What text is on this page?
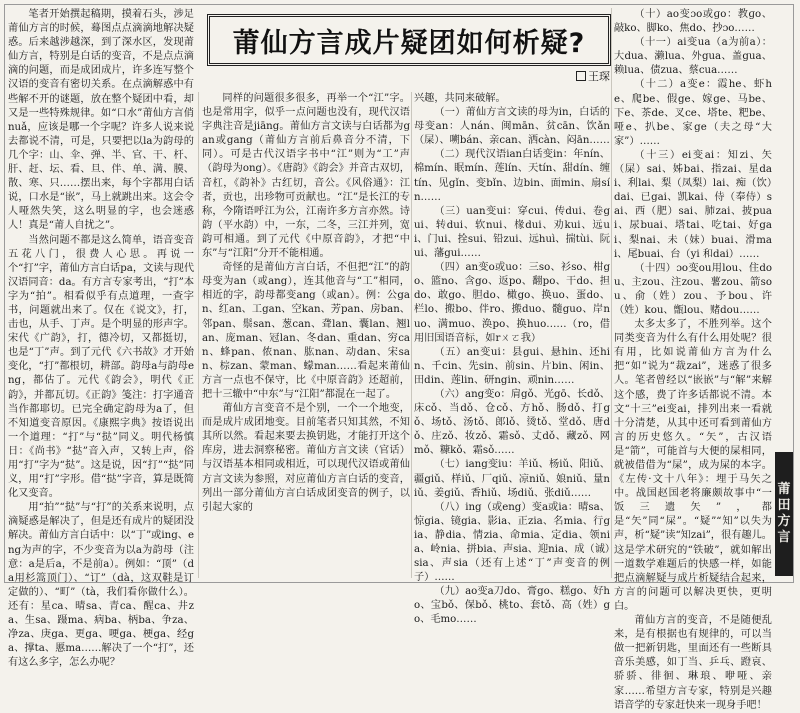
莆仙方言成片疑团如何析疑?
王琛

笔者开始撰起稿期，摸着石头，涉足莆仙方言的时候，蓦图点点滴滴地解决疑惑。后来越涉越深，到了深水区，发现莆仙方言，特别是白话的变音，不是点点滴滴的问题，而是成团成片，许多连写整个汉语的变音有密切关系。在点滴解惑中有些解不开的谜题，放在整个疑团中看，却又是一些特殊规律。如“口水”莆仙方言俏nuǎ，应该是哪一个字呢？许多人说来说去都说不清，可是，只要把以la为韵母的几个字：山、伞、弹、半、官、干、杆、肝、赶、坛、看、旦、伴、单、满、膜、散、寒、只……摆出来，每个字都用白话说，口水是“嵌”，马上就跳出来。这会令人哑然失笑，这么明显的字，也会迷惑人！真是“莆人自扰之”。

当然问题不都是这么简单，语音变音五花八门，很费人心思。再说一个“打”字，莆仙方言白话pa，文读与现代汉语同音：da。有方言专家考出，“打”本字为“拍”。相看似乎有点道理，一查字书，问题就出来了。仅在《说文》，打，击也，从手、丁声。是个明显的形声字。宋代《广韵》，打，德冷切，又都挺切，也是“丁”声。到了元代《六书故》才开始变化，“打”都根切，耕部。韵母a与韵母eng，都估了。元代《韵会》，明代《正韵》，并都瓦切。《正韵》笺注：打字通音当作都耶切。已完全确定韵母为a了，但不知道变音原因。《康熙字典》按语说出一个道理：“打”与“挞”同义。明代杨慎日：《尚书》“挞”音入声，又转上声，俗用“打”字为“挞”。这是说，因“打”“挞”同义，用“打”字形。借“挞”字音，算是既简化又变音。

用“拍”“挞”与“打”的关系来说明，点滴疑惑是解决了，但是还有成片的疑团没解决。莆仙方言白话中：以“丁”或ing、eng为声的字，不少变音为以a为韵母（注意：a是后a，不是前a）。例如：“顶”（da用杉篙顶门）、“订”（dà，这双鞋是订定做的）、“町”（tà，我们看你做什么）。还有：星ca、晴sa、青ca、醒ca、井za、生sa、蹑ma、病ba、柄ba、争za、净za、庚ga、更ga、哽ga、梗ga、经ga、撑ta、慝ma……解决了一个“打”，还有这么多字，怎么办呢？

同样的问题很多很多，再举一个“江”字。也是常用字，似乎一点问题也没有，现代汉语字典注音是jiāng。莆仙方言文读与白话都为gan或gang（莆仙方言前后鼻音分不清，下同）。可是古代汉语字书中“江”则为“工”声（韵母为ong）。《唐韵》《韵会》并音古双切，音杠，《韵补》古红切，音公。《风俗通》：江者，贡也，出珍物可贡献也。“江”是长江的专称，今隋语呼江为公，江南许多方言亦然。诗韵（平水韵）中，一东，二冬，三江并列，宽韵可相通。到了元代《中原音韵》，才把“中东”与“江阳”分开不能相通。

奇怪的是莆仙方言白话，不但把“江”的韵母变为an（或ang），连其他音与“工”相同，相近的字，韵母都变ang（或an）。例：公gan、红an、工gan、空kan、芳pan、房ban、邻pan、鬃san、葱can、聋lan、囊lan、翘lan、庞man、冠lan、冬dan、重dan、穷can、蜂pan、侬nan、肱nan、动dan、宋san、棕zan、蒙man、蠓man……看起来莆仙方言一点也不保守，比《中原音韵》还超前，把十三辙中“中东”与“江阳”都混在一起了。

莆仙方言变音不是个别，一个一个地变，而是成片成团地变。目前笔者只知其然，不知其所以然。看起来要去换钥匙，才能打开这个库房，进去洞察秘密。莆仙方言文读（官话）与汉语基本相同或相近，可以现代汉语或莆仙方言文读为参照，对应莆仙方言白话的变音，列出一部分莆仙方言白话成团变音的例子，以引起大家的

兴趣，共同来破解。

（一）莆仙方言文读的母为in，白话的母变an：人nán、闽mān、贫cān、饮ǎn（屎）、嗍bán、亲can、洒càn、闷ān……

（二）现代汉语ian白话变in：年nín、棉mín、眠mín、莲lín、天tín、甜dín、缠tín、见gǐn、变bǐn、边bin、面min、扇sín……

（三）uan变ui：穿cui、传dui、卷gui、转dui、软nui、椽dui、劝kui、远ui、门ui、拴sui、铅zui、远huì、揣tùi、阮ui、藩gui……

（四）an变o或uo：三so、衫so、柑go、篮no、含go、返po、翻po、干do、担do、敢go、胆do、橄go、换uo、蛋do、栏lo、搬bo、伴ro、搬duo、髓guo、岸nuo、满muo、涣po、换huo……（ro，借用旧国语音标，如rㄨㄛ我）

（五）an变ui：县gui、悬hin、还hin、千cin、先sin、前sin、片bin、闲in、田din、莲lin、研ngin、顽nin……

（六）ang变o：肩gǒ、光gō、长dǒ、床cǒ、当dǒ、仓cǒ、方hǒ、肠dǒ、打gǒ、场tǒ、汤tǒ、郎lǒ、烫tǒ、堂dǒ、唐dǒ、庄zǒ、妆zǒ、霜sǒ、丈dǒ、藏zǒ、网mǒ、糠kǒ、霜sǒ……

（七）iang变iu：羊iǔ、杨iǔ、阳iǔ、疆giǔ、样iǔ、厂qiǔ、凉niǔ、娘niǔ、量niǔ、姜giǔ、香hiǔ、场diǔ、张diǔ……

（八）ing（或eng）变a或ia：晴sa、惊gia、镜gia、影ia、正zia、名mia、行gia、静dia、情zia、命mia、定dia、领nia、岭nia、拼bia、声sia、迎nia、成（诚）sia、声sia（还有上述“丁”声变音的例子）……

（九）ao变a刀do、膏go、糕go、好ho、宝bǒ、保bǒ、桃to、套tǒ、高（姓）go、毛mo……

（十）ao变ɔo或ɡo：教ɡo、敲ko、脚ko、焦do、抄ɔo……

（十一）ai变ua（a为前a）：大dua、濑lua、外gua、盖gua、赖lua、债zua、蔡cua……

（十二）a变e：霞he、虾he、爬be、假ge、嫁ge、马be、下e、茶de、叉ce、塔te、粑be、哑e、扒be、家ge（夫之母“大家”）……

（十三）ei变ai：知zi、矢（屎）sai、姊bai、指zai、星dai、利lai、梨（凤梨）lai、痴（饮）dai、已gai、凯kai、侍（奉侍）sai、西（肥）sai、肺zai、披puai、尿buai、塔tai、吃tai、好gai、梨nai、未（妹）buai、滑mai、尾buai、台（yi 和dai）……

（十四）ɔo变ou用lou、住dou、主zou、注zou、薯zou、箭sou、俞（姓）zou、予bou、许（姓）kou、甑lou、赌dou……

太多太多了，不胜列举。这个同类变音为什么有什么用处呢？很有用，比如说莆仙方言为什么把“如”说为“裁zai”，迷惑了很多人。笔者曾经以“嵌嵌”与“解”来解这个感，费了许多话都说不清。本文“十三”ei变ai，排列出来一看就十分清楚，从其中还可看到莆仙方言的历史悠久。“矢”，古汉语是“箭”，可能首与大便的屎相同，就被借借为“屎”，成为屎的本字。《左传·文十八年》：埋于马矢之中。战国赵国老将廉颇故事中“一饭三遗矢”，都是“矢”同“屎”。“疑”“知”以失为声，析“疑”读“知zai”，很有趣儿。这是学术研究的“铁破”，就如解出一道数学难题后的快感一样，如能把点滴解疑与成片析疑结合起来，方言的问题可以解决更快，更明白。

莆仙方言的变音，不是随便乱来，是有根据也有规律的，可以当做一把新钥匙，里面还有一些断具音乐美感，如丁当、乒乓、蹬哀、骄骄、徘徊、琳琅、咿哑、亲家……希望方言专家，特别是兴趣语音学的专家赶快来一现身手吧！

莆
田
方
言
